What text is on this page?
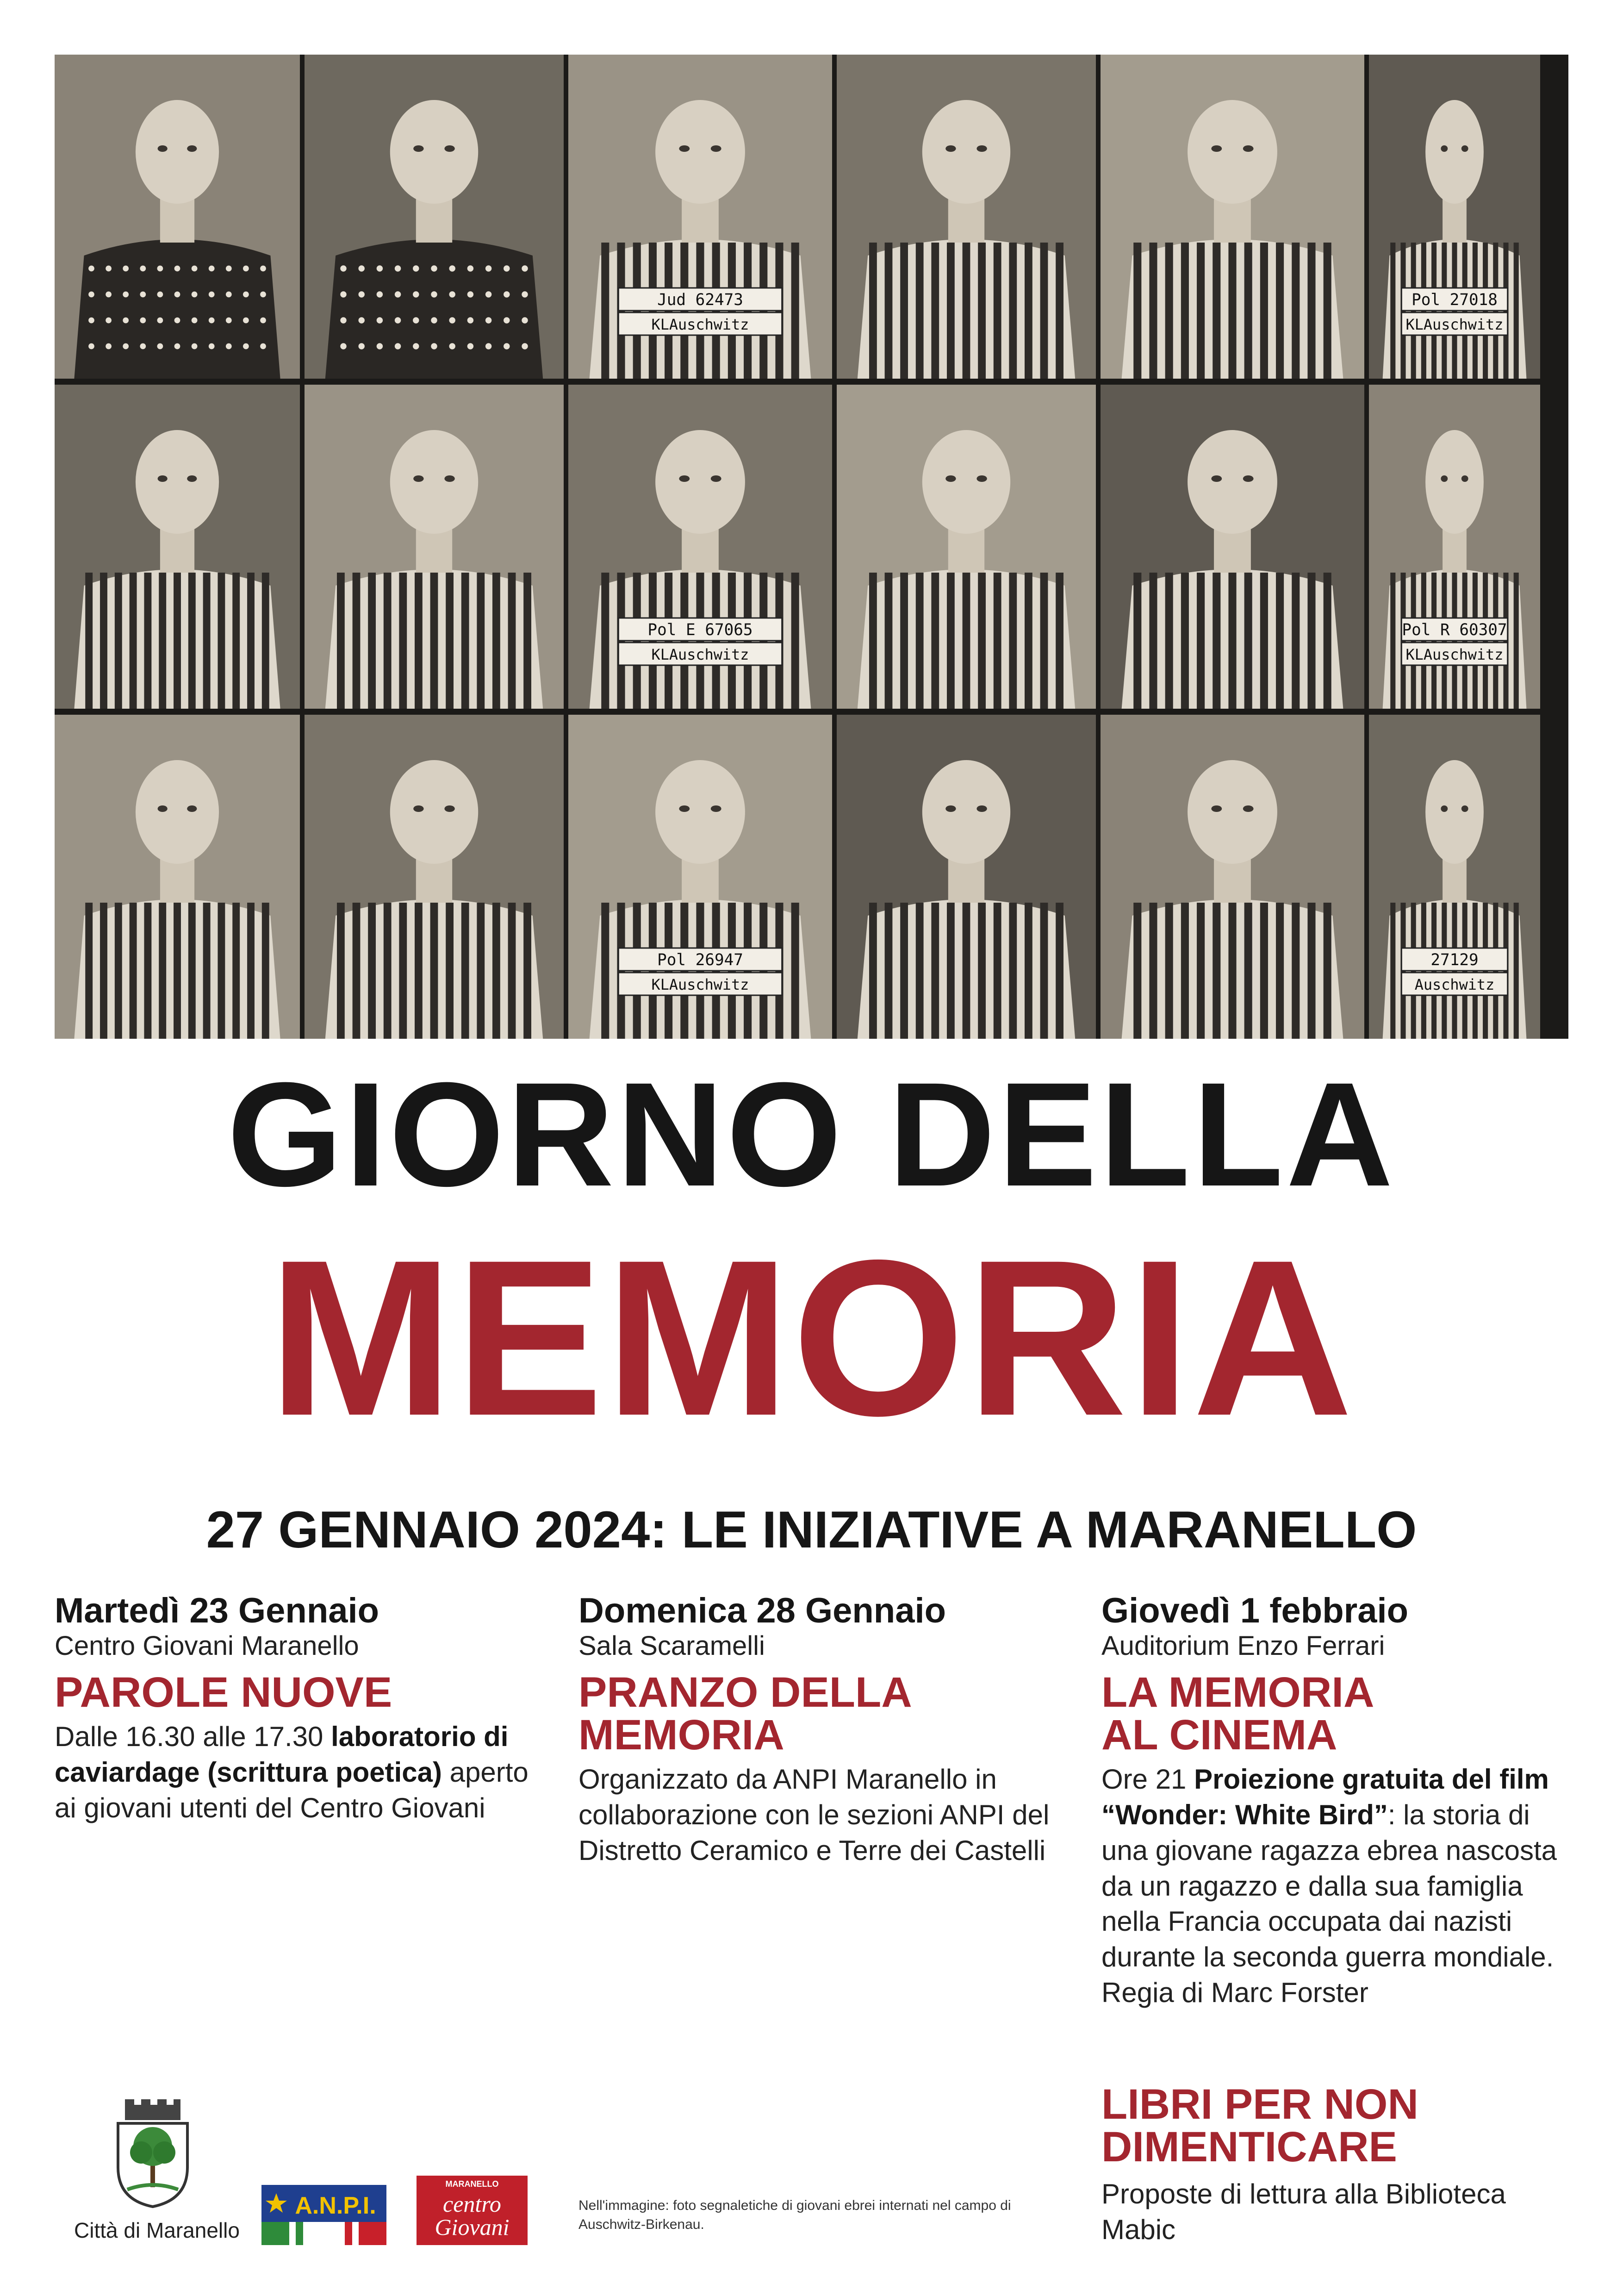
Jud 62473
KLAuschwitz
Pol 27018
KLAuschwitz
Pol E 67065
KLAuschwitz
Pol R 60307
KLAuschwitz
Pol 26947
KLAuschwitz
27129
Auschwitz
GIORNO DELLA
MEMORIA
27 GENNAIO 2024: LE INIZIATIVE A MARANELLO
Martedì 23 Gennaio
Centro Giovani Maranello
PAROLE NUOVE
Dalle 16.30 alle 17.30 laboratorio di caviardage (scrittura poetica) aperto ai giovani utenti del Centro Giovani
Domenica 28 Gennaio
Sala Scaramelli
PRANZO DELLA
MEMORIA
Organizzato da ANPI Maranello in collaborazione con le sezioni ANPI del Distretto Ceramico e Terre dei Castelli
Giovedì 1 febbraio
Auditorium Enzo Ferrari
LA MEMORIA
AL CINEMA
Ore 21 Proiezione gratuita del film “Wonder: White Bird”: la storia di una giovane ragazza ebrea nascosta da un ragazzo e dalla sua famiglia nella Francia occupata dai nazisti durante la seconda guerra mondiale. Regia di Marc Forster
LIBRI PER NON
DIMENTICARE
Proposte di lettura alla Biblioteca Mabic
Città di Maranello
A.N.P.I.
MARANELLO
centro
Giovani
Nell'immagine: foto segnaletiche di giovani ebrei internati nel campo di Auschwitz-Birkenau.
